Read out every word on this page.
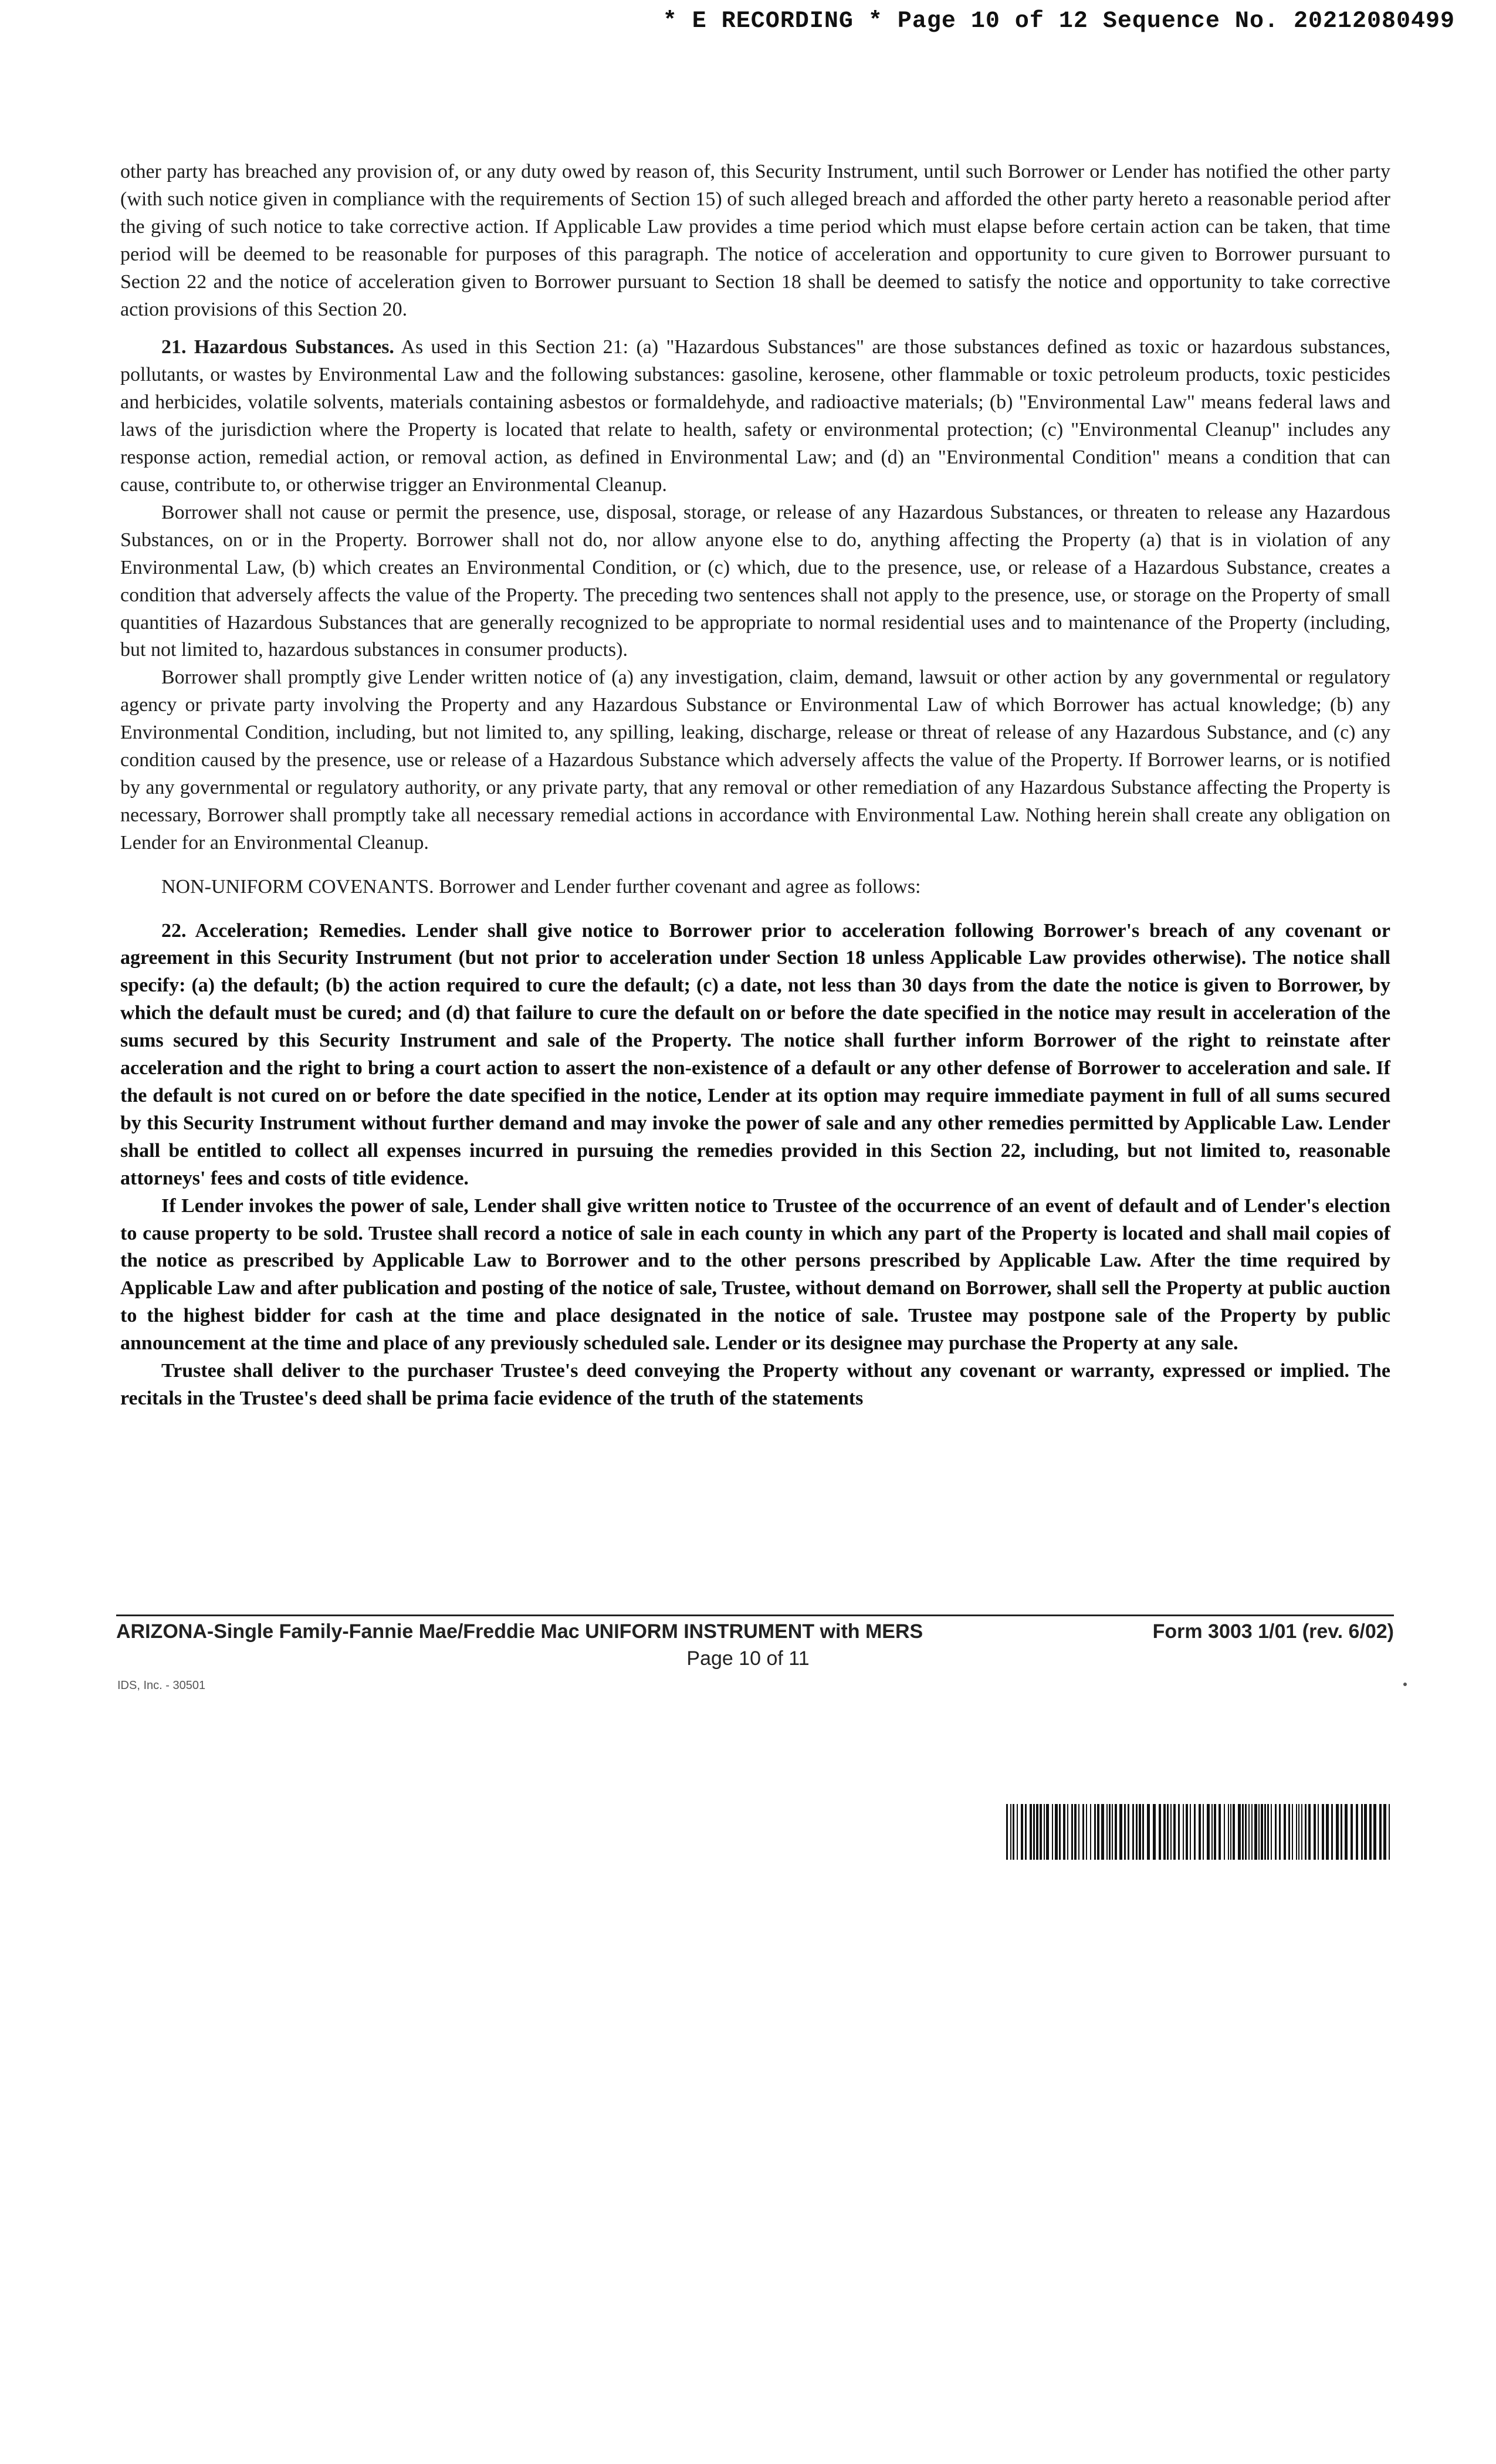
* E RECORDING * Page 10 of 12 Sequence No. 20212080499

other party has breached any provision of, or any duty owed by reason of, this Security Instrument, until such Borrower or Lender has notified the other party (with such notice given in compliance with the requirements of Section 15) of such alleged breach and afforded the other party hereto a reasonable period after the giving of such notice to take corrective action. If Applicable Law provides a time period which must elapse before certain action can be taken, that time period will be deemed to be reasonable for purposes of this paragraph. The notice of acceleration and opportunity to cure given to Borrower pursuant to Section 22 and the notice of acceleration given to Borrower pursuant to Section 18 shall be deemed to satisfy the notice and opportunity to take corrective action provisions of this Section 20.

21. Hazardous Substances. As used in this Section 21: (a) "Hazardous Substances" are those substances defined as toxic or hazardous substances, pollutants, or wastes by Environmental Law and the following substances: gasoline, kerosene, other flammable or toxic petroleum products, toxic pesticides and herbicides, volatile solvents, materials containing asbestos or formaldehyde, and radioactive materials; (b) "Environmental Law" means federal laws and laws of the jurisdiction where the Property is located that relate to health, safety or environmental protection; (c) "Environmental Cleanup" includes any response action, remedial action, or removal action, as defined in Environmental Law; and (d) an "Environmental Condition" means a condition that can cause, contribute to, or otherwise trigger an Environmental Cleanup.

Borrower shall not cause or permit the presence, use, disposal, storage, or release of any Hazardous Substances, or threaten to release any Hazardous Substances, on or in the Property. Borrower shall not do, nor allow anyone else to do, anything affecting the Property (a) that is in violation of any Environmental Law, (b) which creates an Environmental Condition, or (c) which, due to the presence, use, or release of a Hazardous Substance, creates a condition that adversely affects the value of the Property. The preceding two sentences shall not apply to the presence, use, or storage on the Property of small quantities of Hazardous Substances that are generally recognized to be appropriate to normal residential uses and to maintenance of the Property (including, but not limited to, hazardous substances in consumer products).

Borrower shall promptly give Lender written notice of (a) any investigation, claim, demand, lawsuit or other action by any governmental or regulatory agency or private party involving the Property and any Hazardous Substance or Environmental Law of which Borrower has actual knowledge; (b) any Environmental Condition, including, but not limited to, any spilling, leaking, discharge, release or threat of release of any Hazardous Substance, and (c) any condition caused by the presence, use or release of a Hazardous Substance which adversely affects the value of the Property. If Borrower learns, or is notified by any governmental or regulatory authority, or any private party, that any removal or other remediation of any Hazardous Substance affecting the Property is necessary, Borrower shall promptly take all necessary remedial actions in accordance with Environmental Law. Nothing herein shall create any obligation on Lender for an Environmental Cleanup.

NON-UNIFORM COVENANTS. Borrower and Lender further covenant and agree as follows:

22. Acceleration; Remedies. Lender shall give notice to Borrower prior to acceleration following Borrower's breach of any covenant or agreement in this Security Instrument (but not prior to acceleration under Section 18 unless Applicable Law provides otherwise). The notice shall specify: (a) the default; (b) the action required to cure the default; (c) a date, not less than 30 days from the date the notice is given to Borrower, by which the default must be cured; and (d) that failure to cure the default on or before the date specified in the notice may result in acceleration of the sums secured by this Security Instrument and sale of the Property. The notice shall further inform Borrower of the right to reinstate after acceleration and the right to bring a court action to assert the non-existence of a default or any other defense of Borrower to acceleration and sale. If the default is not cured on or before the date specified in the notice, Lender at its option may require immediate payment in full of all sums secured by this Security Instrument without further demand and may invoke the power of sale and any other remedies permitted by Applicable Law. Lender shall be entitled to collect all expenses incurred in pursuing the remedies provided in this Section 22, including, but not limited to, reasonable attorneys' fees and costs of title evidence.

If Lender invokes the power of sale, Lender shall give written notice to Trustee of the occurrence of an event of default and of Lender's election to cause property to be sold. Trustee shall record a notice of sale in each county in which any part of the Property is located and shall mail copies of the notice as prescribed by Applicable Law to Borrower and to the other persons prescribed by Applicable Law. After the time required by Applicable Law and after publication and posting of the notice of sale, Trustee, without demand on Borrower, shall sell the Property at public auction to the highest bidder for cash at the time and place designated in the notice of sale. Trustee may postpone sale of the Property by public announcement at the time and place of any previously scheduled sale. Lender or its designee may purchase the Property at any sale.

Trustee shall deliver to the purchaser Trustee's deed conveying the Property without any covenant or warranty, expressed or implied. The recitals in the Trustee's deed shall be prima facie evidence of the truth of the statements

ARIZONA-Single Family-Fannie Mae/Freddie Mac UNIFORM INSTRUMENT with MERS	Form 3003 1/01 (rev. 6/02)
Page 10 of 11
IDS, Inc. - 30501
